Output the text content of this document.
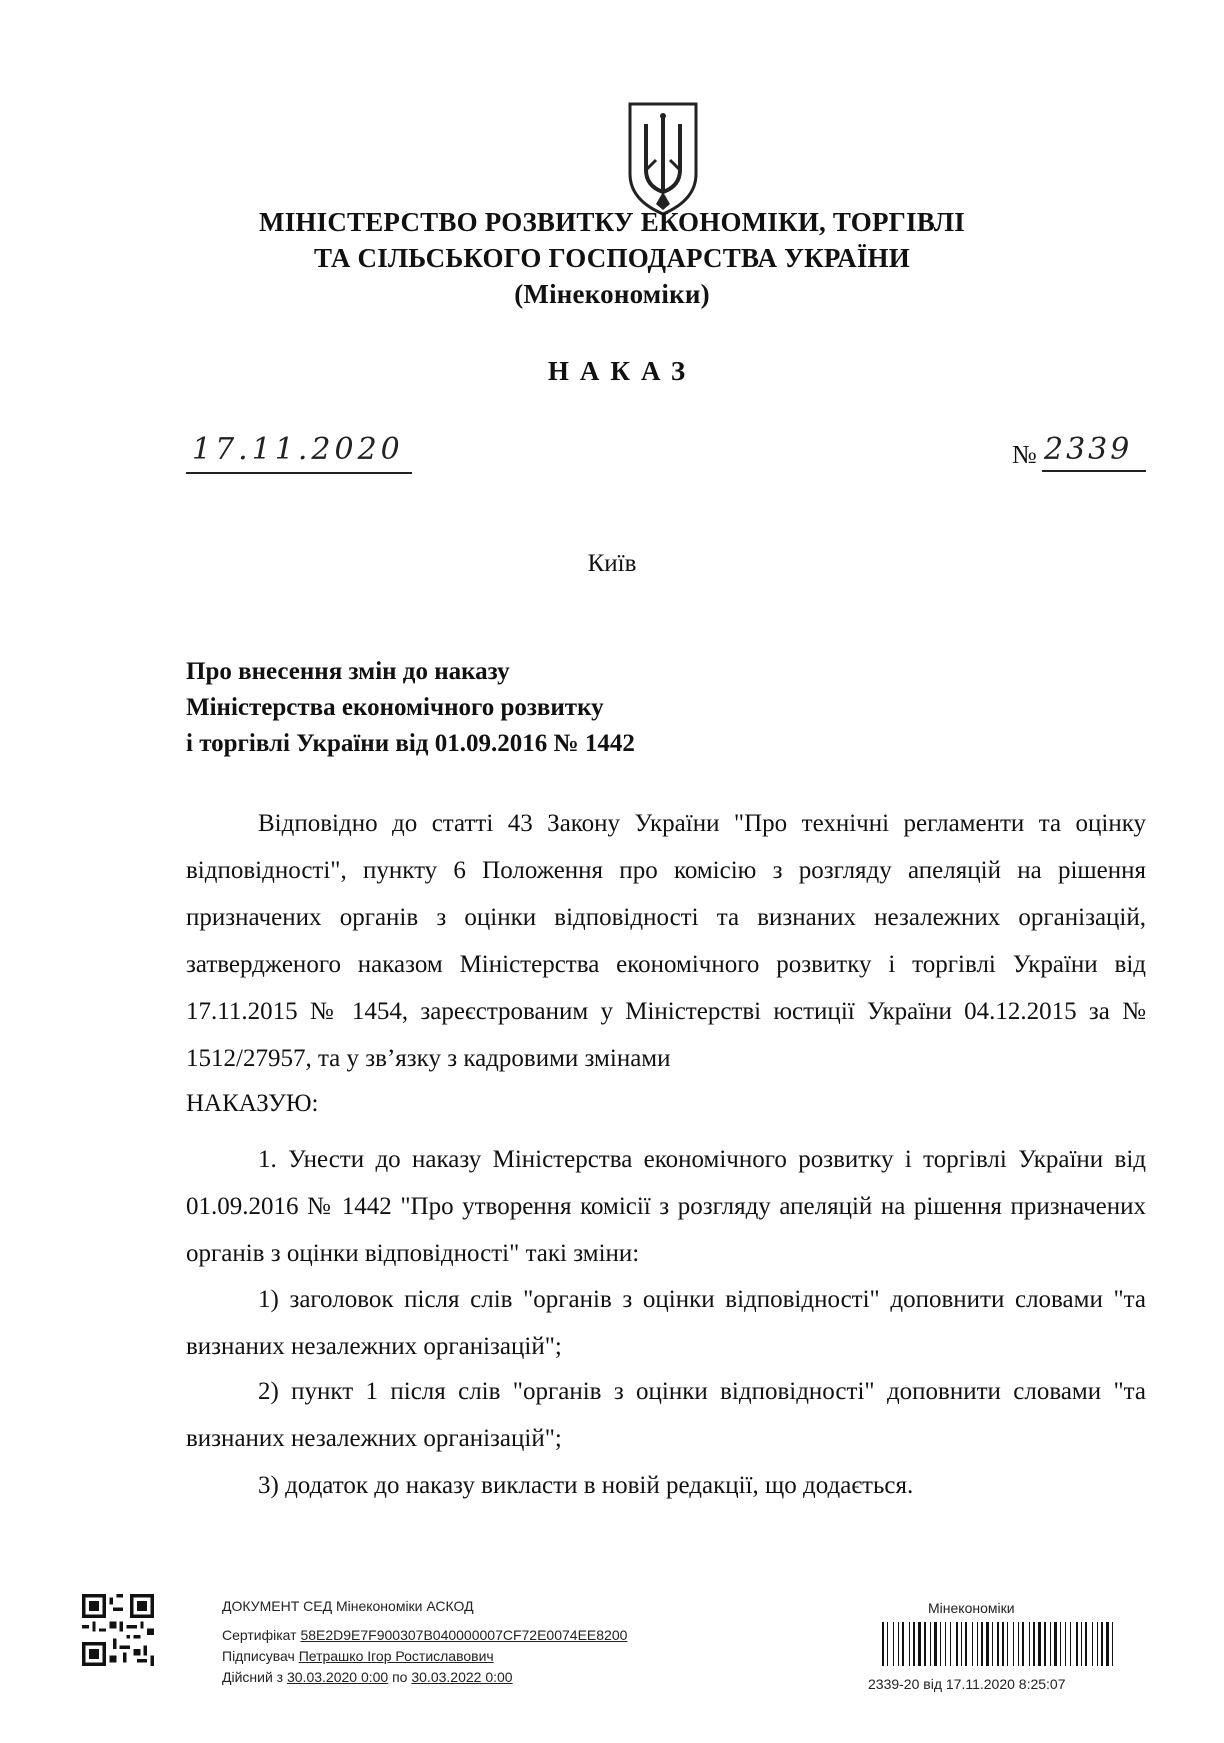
МІНІСТЕРСТВО РОЗВИТКУ ЕКОНОМІКИ, ТОРГІВЛІ
ТА СІЛЬСЬКОГО ГОСПОДАРСТВА УКРАЇНИ
(Мінекономіки)
НАКАЗ
17.11.2020	№ 2339
Київ
Про внесення змін до наказу
Міністерства економічного розвитку
і торгівлі України від 01.09.2016 № 1442

Відповідно до статті 43 Закону України "Про технічні регламенти та оцінку відповідності", пункту 6 Положення про комісію з розгляду апеляцій на рішення призначених органів з оцінки відповідності та визнаних незалежних організацій, затвердженого наказом Міністерства економічного розвитку і торгівлі України від 17.11.2015 № 1454, зареєстрованим у Міністерстві юстиції України 04.12.2015 за № 1512/27957, та у зв’язку з кадровими змінами

НАКАЗУЮ:

1. Унести до наказу Міністерства економічного розвитку і торгівлі України від 01.09.2016 № 1442 "Про утворення комісії з розгляду апеляцій на рішення призначених органів з оцінки відповідності" такі зміни:

1) заголовок після слів "органів з оцінки відповідності" доповнити словами "та визнаних незалежних організацій";

2) пункт 1 після слів "органів з оцінки відповідності" доповнити словами "та визнаних незалежних організацій";

3) додаток до наказу викласти в новій редакції, що додається.

ДОКУМЕНТ СЕД Мінекономіки АСКОД
Сертифікат 58E2D9E7F900307B040000007CF72E0074EE8200
Підписувач Петрашко Ігор Ростиславович
Дійсний з 30.03.2020 0:00 по 30.03.2022 0:00
Мінекономіки
2339-20 від 17.11.2020 8:25:07
